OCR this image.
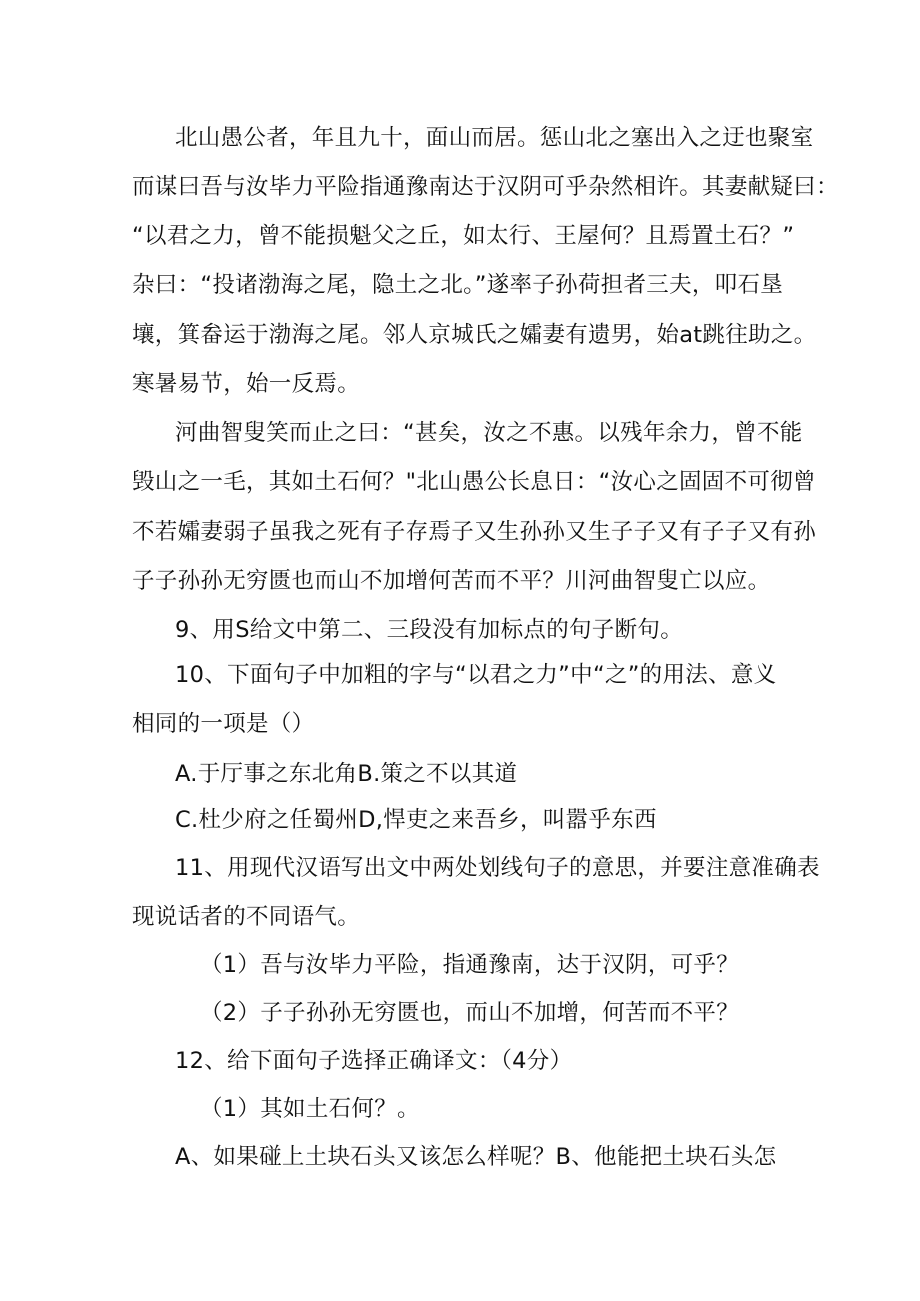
北山愚公者，年且九十，面山而居。惩山北之塞出入之迂也聚室
而谋曰吾与汝毕力平险指通豫南达于汉阴可乎杂然相许。其妻献疑曰：
“以君之力，曾不能损魁父之丘，如太行、王屋何？且焉置土石？”
杂曰：“投诸渤海之尾，隐土之北。”遂率子孙荷担者三夫，叩石垦
壤，箕畚运于渤海之尾。邻人京城氏之孀妻有遗男，始at跳往助之。
寒暑易节，始一反焉。
河曲智叟笑而止之曰：“甚矣，汝之不惠。以残年余力，曾不能
毁山之一毛，其如土石何？"北山愚公长息日：“汝心之固固不可彻曾
不若孀妻弱子虽我之死有子存焉子又生孙孙又生子子又有子子又有孙
子子孙孙无穷匮也而山不加增何苦而不平？川河曲智叟亡以应。
9、用S给文中第二、三段没有加标点的句子断句。
10、下面句子中加粗的字与“以君之力”中“之”的用法、意义
相同的一项是（）
A.于厅事之东北角B.策之不以其道
C.杜少府之任蜀州D,悍吏之来吾乡，叫嚣乎东西
11、用现代汉语写出文中两处划线句子的意思，并要注意准确表
现说话者的不同语气。
（1）吾与汝毕力平险，指通豫南，达于汉阴，可乎？
（2）子子孙孙无穷匮也，而山不加增，何苦而不平？
12、给下面句子选择正确译文：（4分）
（1）其如土石何？。
A、如果碰上土块石头又该怎么样呢？B、他能把土块石头怎
